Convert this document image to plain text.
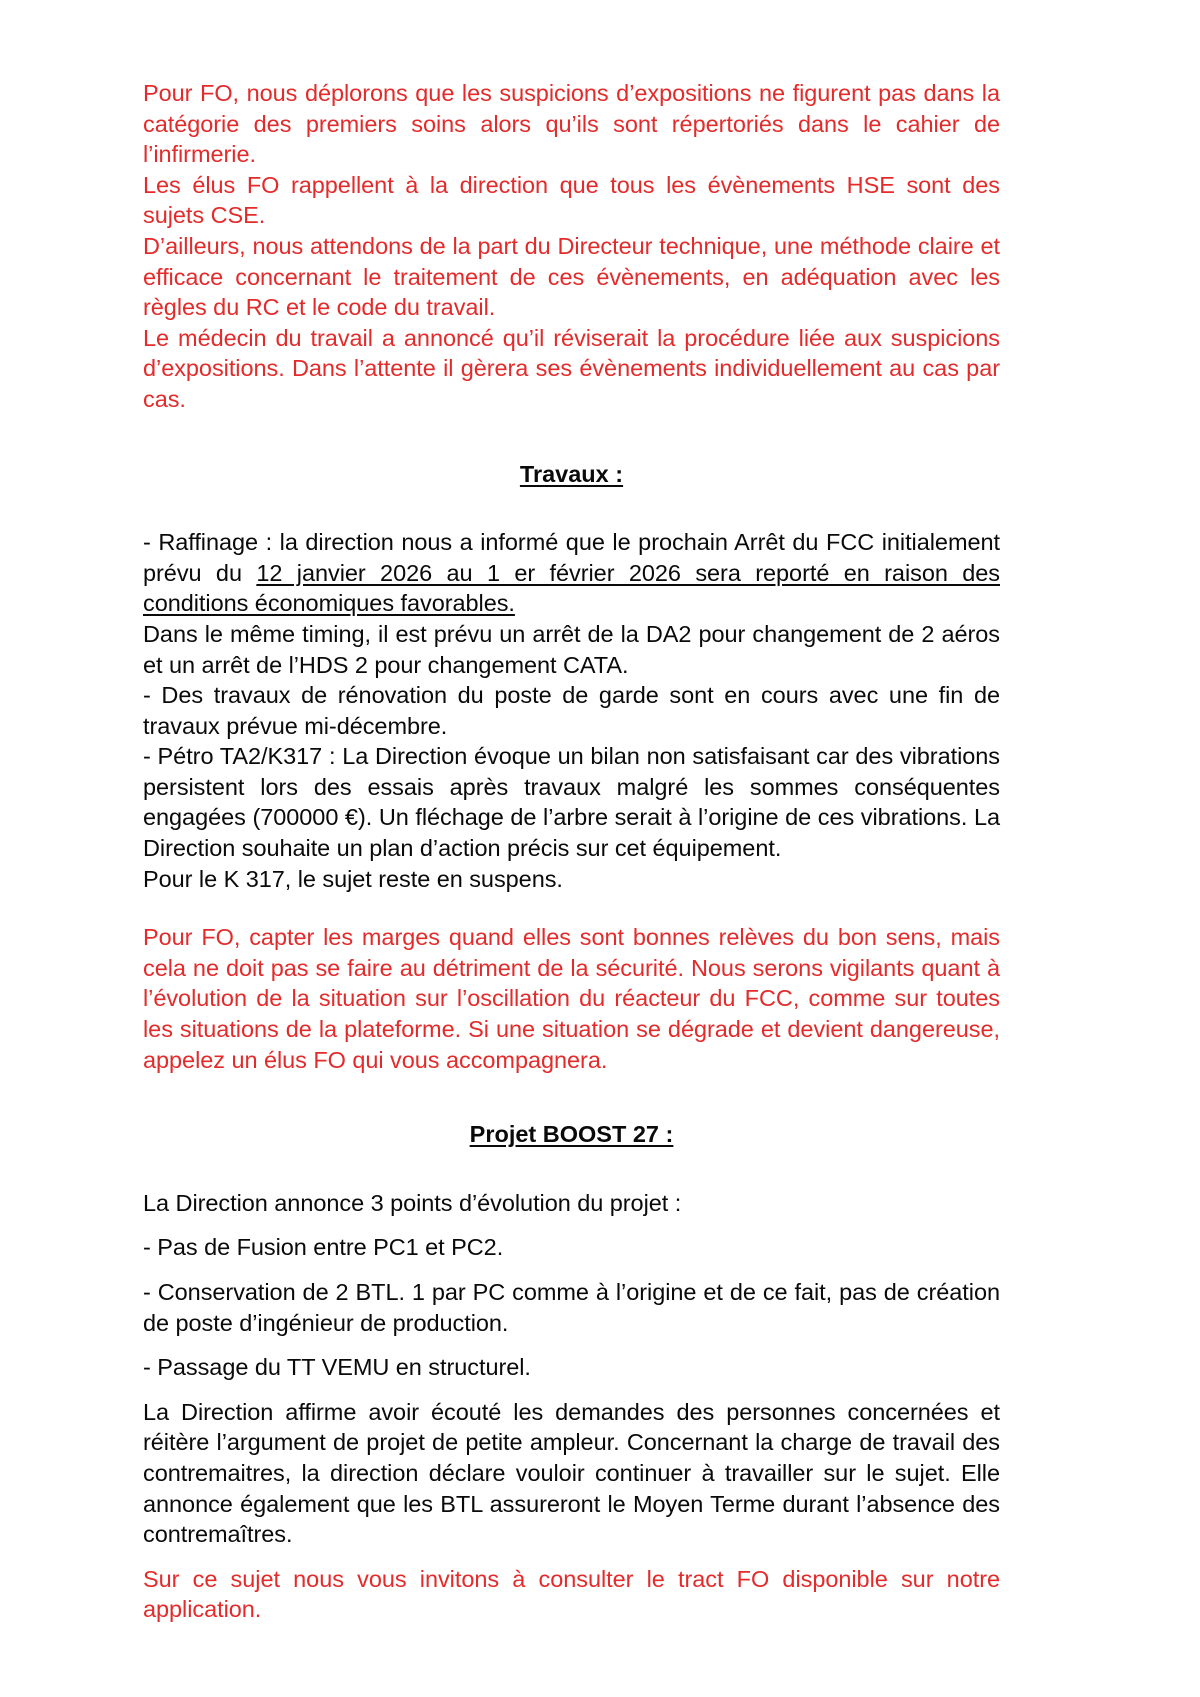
Pour FO, nous déplorons que les suspicions d’expositions ne figurent pas dans la catégorie des premiers soins alors qu’ils sont répertoriés dans le cahier de l’infirmerie.

Les élus FO rappellent à la direction que tous les évènements HSE sont des sujets CSE.

D’ailleurs, nous attendons de la part du Directeur technique, une méthode claire et efficace concernant le traitement de ces évènements, en adéquation avec les règles du RC et le code du travail.

Le médecin du travail a annoncé qu’il réviserait la procédure liée aux suspicions d’expositions. Dans l’attente il gèrera ses évènements individuellement au cas par cas.

Travaux :

- Raffinage : la direction nous a informé que le prochain Arrêt du FCC initialement prévu du 12 janvier 2026 au 1 er février 2026 sera reporté en raison des conditions économiques favorables.

Dans le même timing, il est prévu un arrêt de la DA2 pour changement de 2 aéros et un arrêt de l’HDS 2 pour changement CATA.

- Des travaux de rénovation du poste de garde sont en cours avec une fin de travaux prévue mi-décembre.

- Pétro TA2/K317 : La Direction évoque un bilan non satisfaisant car des vibrations persistent lors des essais après travaux malgré les sommes conséquentes engagées (700000 €). Un fléchage de l’arbre serait à l’origine de ces vibrations. La Direction souhaite un plan d’action précis sur cet équipement.

Pour le K 317, le sujet reste en suspens.

Pour FO, capter les marges quand elles sont bonnes relèves du bon sens, mais cela ne doit pas se faire au détriment de la sécurité. Nous serons vigilants quant à l’évolution de la situation sur l’oscillation du réacteur du FCC, comme sur toutes les situations de la plateforme. Si une situation se dégrade et devient dangereuse, appelez un élus FO qui vous accompagnera.

Projet BOOST 27 :

La Direction annonce 3 points d’évolution du projet :

- Pas de Fusion entre PC1 et PC2.

- Conservation de 2 BTL. 1 par PC comme à l’origine et de ce fait, pas de création de poste d’ingénieur de production.

- Passage du TT VEMU en structurel.

La Direction affirme avoir écouté les demandes des personnes concernées et réitère l’argument de projet de petite ampleur. Concernant la charge de travail des contremaitres, la direction déclare vouloir continuer à travailler sur le sujet. Elle annonce également que les BTL assureront le Moyen Terme durant l’absence des contremaîtres.

Sur ce sujet nous vous invitons à consulter le tract FO disponible sur notre application.
